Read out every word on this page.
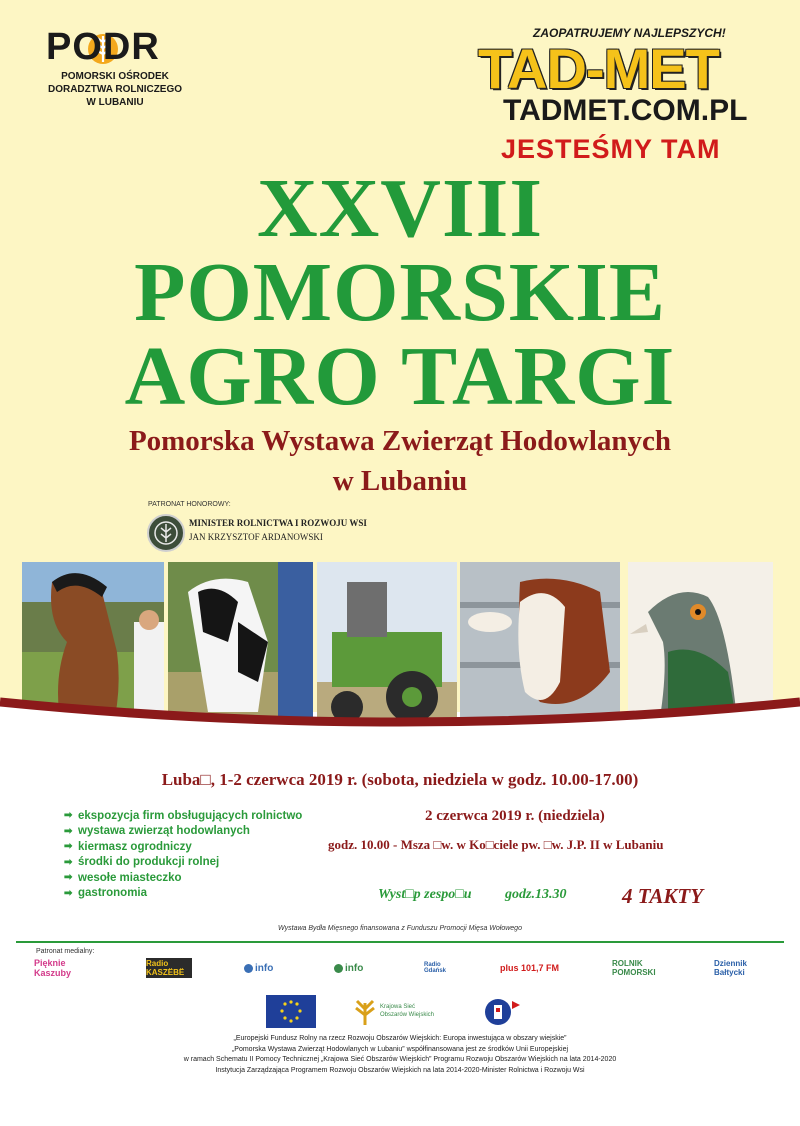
PODR
POMORSKI OŚRODEK
DORADZTWA ROLNICZEGO
W LUBANIU
ZAOPATRUJEMY NAJLEPSZYCH!
TAD-MET
TADMET.COM.PL
JESTEŚMY TAM
XXVIII
POMORSKIE
AGRO TARGI
Pomorska Wystawa Zwierząt Hodowlanych
w Lubaniu
PATRONAT HONOROWY:
MINISTER ROLNICTWA I ROZWOJU WSI
JAN KRZYSZTOF ARDANOWSKI
Luba□, 1-2 czerwca 2019 r. (sobota, niedziela w godz. 10.00-17.00)
➡ ekspozycja firm obsługujących rolnictwo
➡ wystawa zwierząt hodowlanych
➡ kiermasz ogrodniczy
➡ środki do produkcji rolnej
➡ wesołe miasteczko
➡ gastronomia
2 czerwca 2019 r. (niedziela)
godz. 10.00 - Msza □w. w Ko□ciele pw. □w. J.P. II w Lubaniu
Wyst□p zespo□u godz.13.30	4 TAKTY
Wystawa Bydła Mięsnego finansowana z Funduszu Promocji Mięsa Wołowego
Patronat medialny:
Pięknie Kaszuby
Radio KASZËBË	info	info	Radio Gdańsk	plus 101,7 FM	ROLNIK POMORSKI
Dziennik Bałtycki
Krajowa Sieć Obszarów Wiejskich
„Europejski Fundusz Rolny na rzecz Rozwoju Obszarów Wiejskich: Europa inwestująca w obszary wiejskie”
„Pomorska Wystawa Zwierząt Hodowlanych w Lubaniu” współfinansowana jest ze środków Unii Europejskiej
w ramach Schematu II Pomocy Technicznej „Krajowa Sieć Obszarów Wiejskich” Programu Rozwoju Obszarów Wiejskich na lata 2014-2020
Instytucja Zarządzająca Programem Rozwoju Obszarów Wiejskich na lata 2014-2020-Minister Rolnictwa i Rozwoju Wsi
